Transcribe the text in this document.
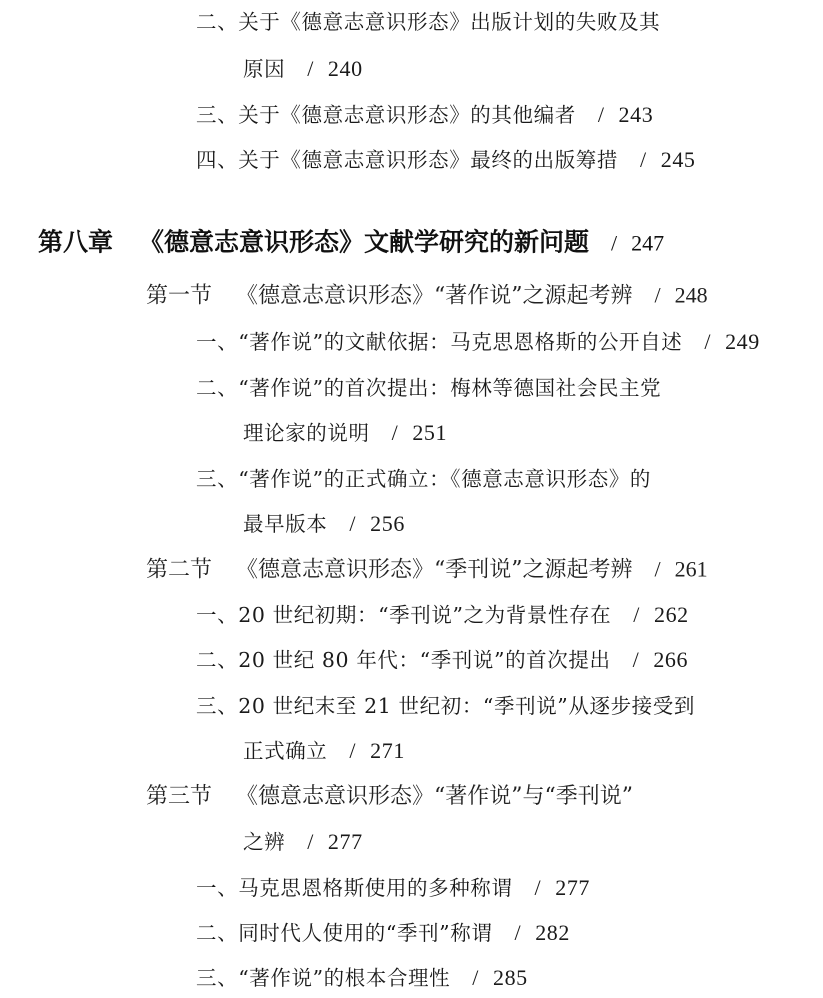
二、关于《德意志意识形态》出版计划的失败及其
原因 / 240
三、关于《德意志意识形态》的其他编者 / 243
四、关于《德意志意识形态》最终的出版筹措 / 245
第八章 《德意志意识形态》文献学研究的新问题 / 247
第一节 《德意志意识形态》“著作说”之源起考辨 / 248
一、“著作说”的文献依据：马克思恩格斯的公开自述 / 249
二、“著作说”的首次提出：梅林等德国社会民主党
理论家的说明 / 251
三、“著作说”的正式确立：《德意志意识形态》的
最早版本 / 256
第二节 《德意志意识形态》“季刊说”之源起考辨 / 261
一、20 世纪初期：“季刊说”之为背景性存在 / 262
二、20 世纪 80 年代：“季刊说”的首次提出 / 266
三、20 世纪末至 21 世纪初：“季刊说”从逐步接受到
正式确立 / 271
第三节 《德意志意识形态》“著作说”与“季刊说”
之辨 / 277
一、马克思恩格斯使用的多种称谓 / 277
二、同时代人使用的“季刊”称谓 / 282
三、“著作说”的根本合理性 / 285
